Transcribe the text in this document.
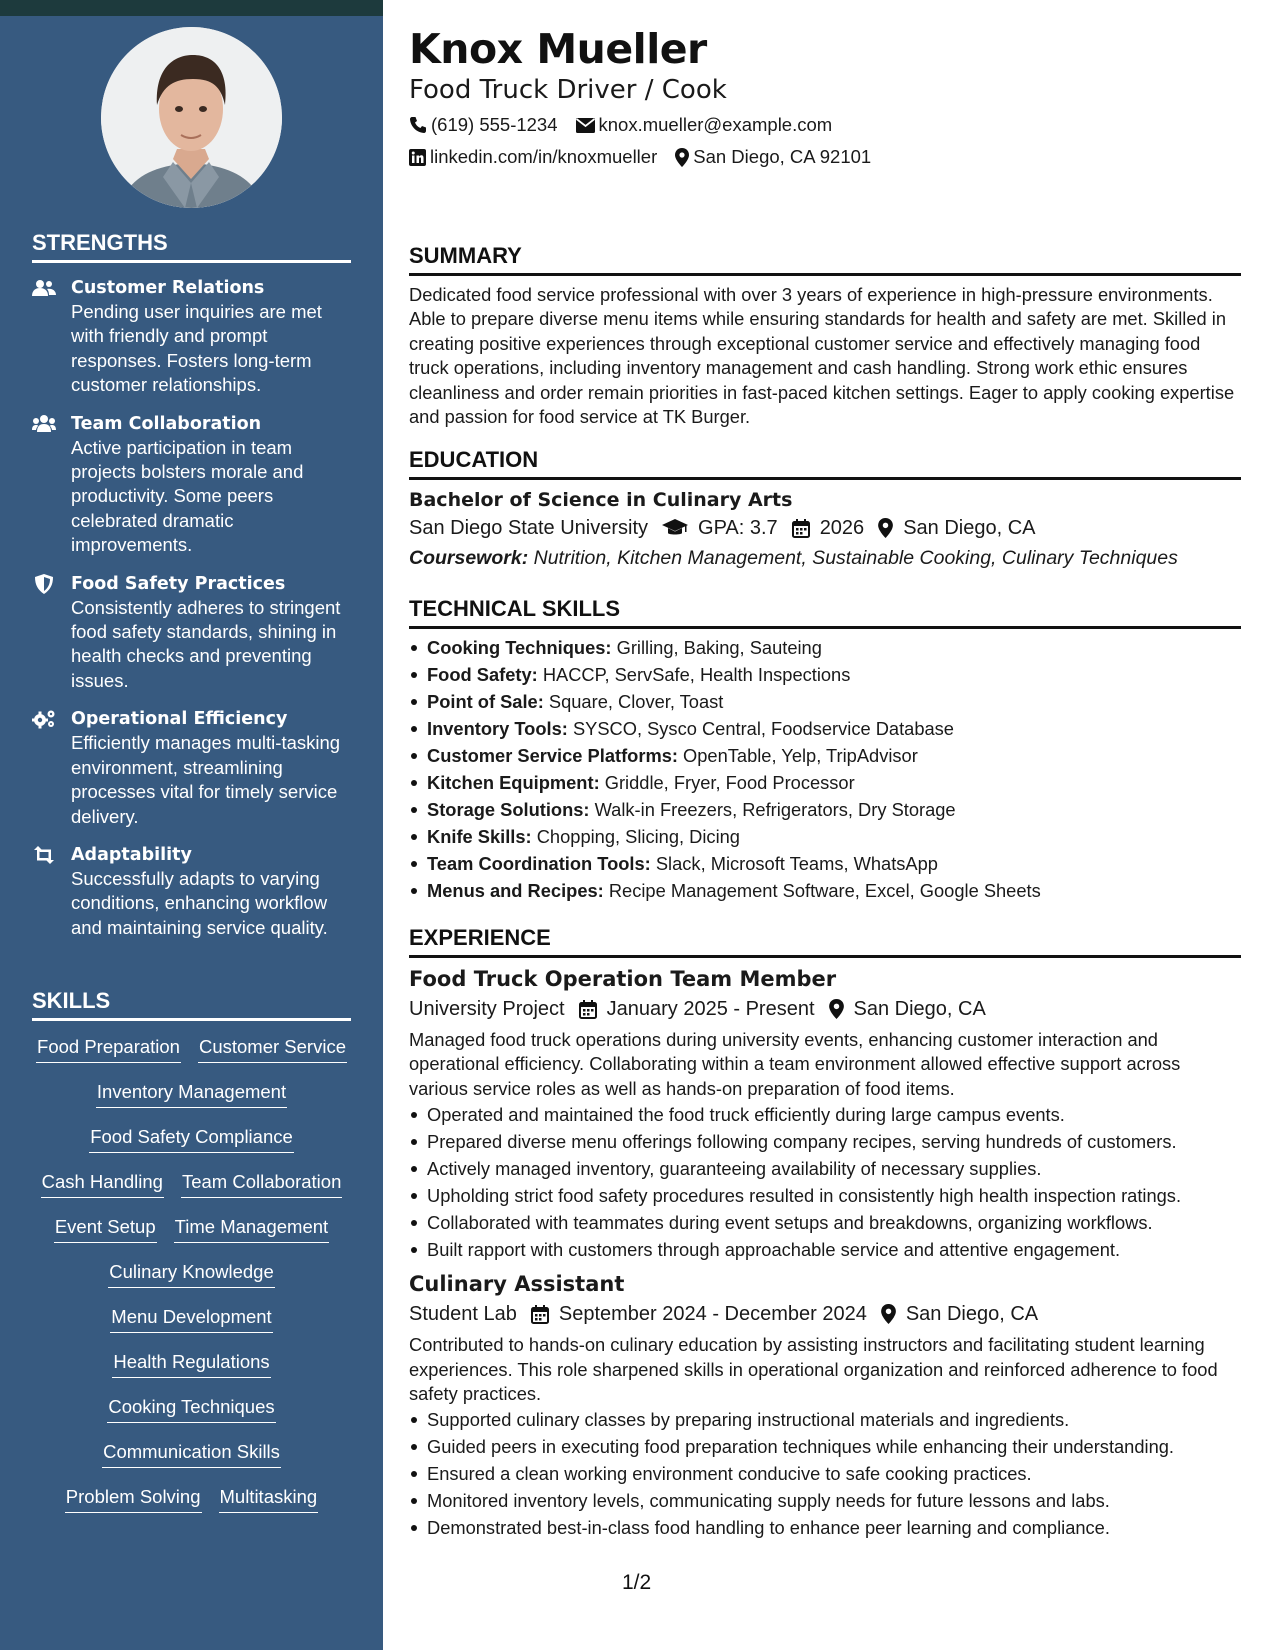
STRENGTHS
Customer Relations
Pending user inquiries are met with friendly and prompt responses. Fosters long-term customer relationships.
Team Collaboration
Active participation in team projects bolsters morale and productivity. Some peers celebrated dramatic improvements.
Food Safety Practices
Consistently adheres to stringent food safety standards, shining in health checks and preventing issues.
Operational Efficiency
Efficiently manages multi-tasking environment, streamlining processes vital for timely service delivery.
Adaptability
Successfully adapts to varying conditions, enhancing workflow and maintaining service quality.
SKILLS
Food Preparation Customer Service
Inventory Management
Food Safety Compliance
Cash Handling Team Collaboration
Event Setup Time Management
Culinary Knowledge
Menu Development
Health Regulations
Cooking Techniques
Communication Skills
Problem Solving Multitasking
Knox Mueller
Food Truck Driver / Cook
(619) 555-1234 knox.mueller@example.com
linkedin.com/in/knoxmueller San Diego, CA 92101
SUMMARY
Dedicated food service professional with over 3 years of experience in high-pressure environments. Able to prepare diverse menu items while ensuring standards for health and safety are met. Skilled in creating positive experiences through exceptional customer service and effectively managing food truck operations, including inventory management and cash handling. Strong work ethic ensures cleanliness and order remain priorities in fast-paced kitchen settings. Eager to apply cooking expertise and passion for food service at TK Burger.
EDUCATION
Bachelor of Science in Culinary Arts
San Diego State University	GPA: 3.7 2026 San Diego, CA
Coursework: Nutrition, Kitchen Management, Sustainable Cooking, Culinary Techniques
TECHNICAL SKILLS
Cooking Techniques: Grilling, Baking, Sauteing
Food Safety: HACCP, ServSafe, Health Inspections
Point of Sale: Square, Clover, Toast
Inventory Tools: SYSCO, Sysco Central, Foodservice Database
Customer Service Platforms: OpenTable, Yelp, TripAdvisor
Kitchen Equipment: Griddle, Fryer, Food Processor
Storage Solutions: Walk-in Freezers, Refrigerators, Dry Storage
Knife Skills: Chopping, Slicing, Dicing
Team Coordination Tools: Slack, Microsoft Teams, WhatsApp
Menus and Recipes: Recipe Management Software, Excel, Google Sheets
EXPERIENCE
Food Truck Operation Team Member
University Project January 2025 - Present San Diego, CA
Managed food truck operations during university events, enhancing customer interaction and operational efficiency. Collaborating within a team environment allowed effective support across various service roles as well as hands-on preparation of food items.
Operated and maintained the food truck efficiently during large campus events.
Prepared diverse menu offerings following company recipes, serving hundreds of customers.
Actively managed inventory, guaranteeing availability of necessary supplies.
Upholding strict food safety procedures resulted in consistently high health inspection ratings.
Collaborated with teammates during event setups and breakdowns, organizing workflows.
Built rapport with customers through approachable service and attentive engagement.
Culinary Assistant
Student Lab September 2024 - December 2024 San Diego, CA
Contributed to hands-on culinary education by assisting instructors and facilitating student learning experiences. This role sharpened skills in operational organization and reinforced adherence to food safety practices.
Supported culinary classes by preparing instructional materials and ingredients.
Guided peers in executing food preparation techniques while enhancing their understanding.
Ensured a clean working environment conducive to safe cooking practices.
Monitored inventory levels, communicating supply needs for future lessons and labs.
Demonstrated best-in-class food handling to enhance peer learning and compliance.
1/2
